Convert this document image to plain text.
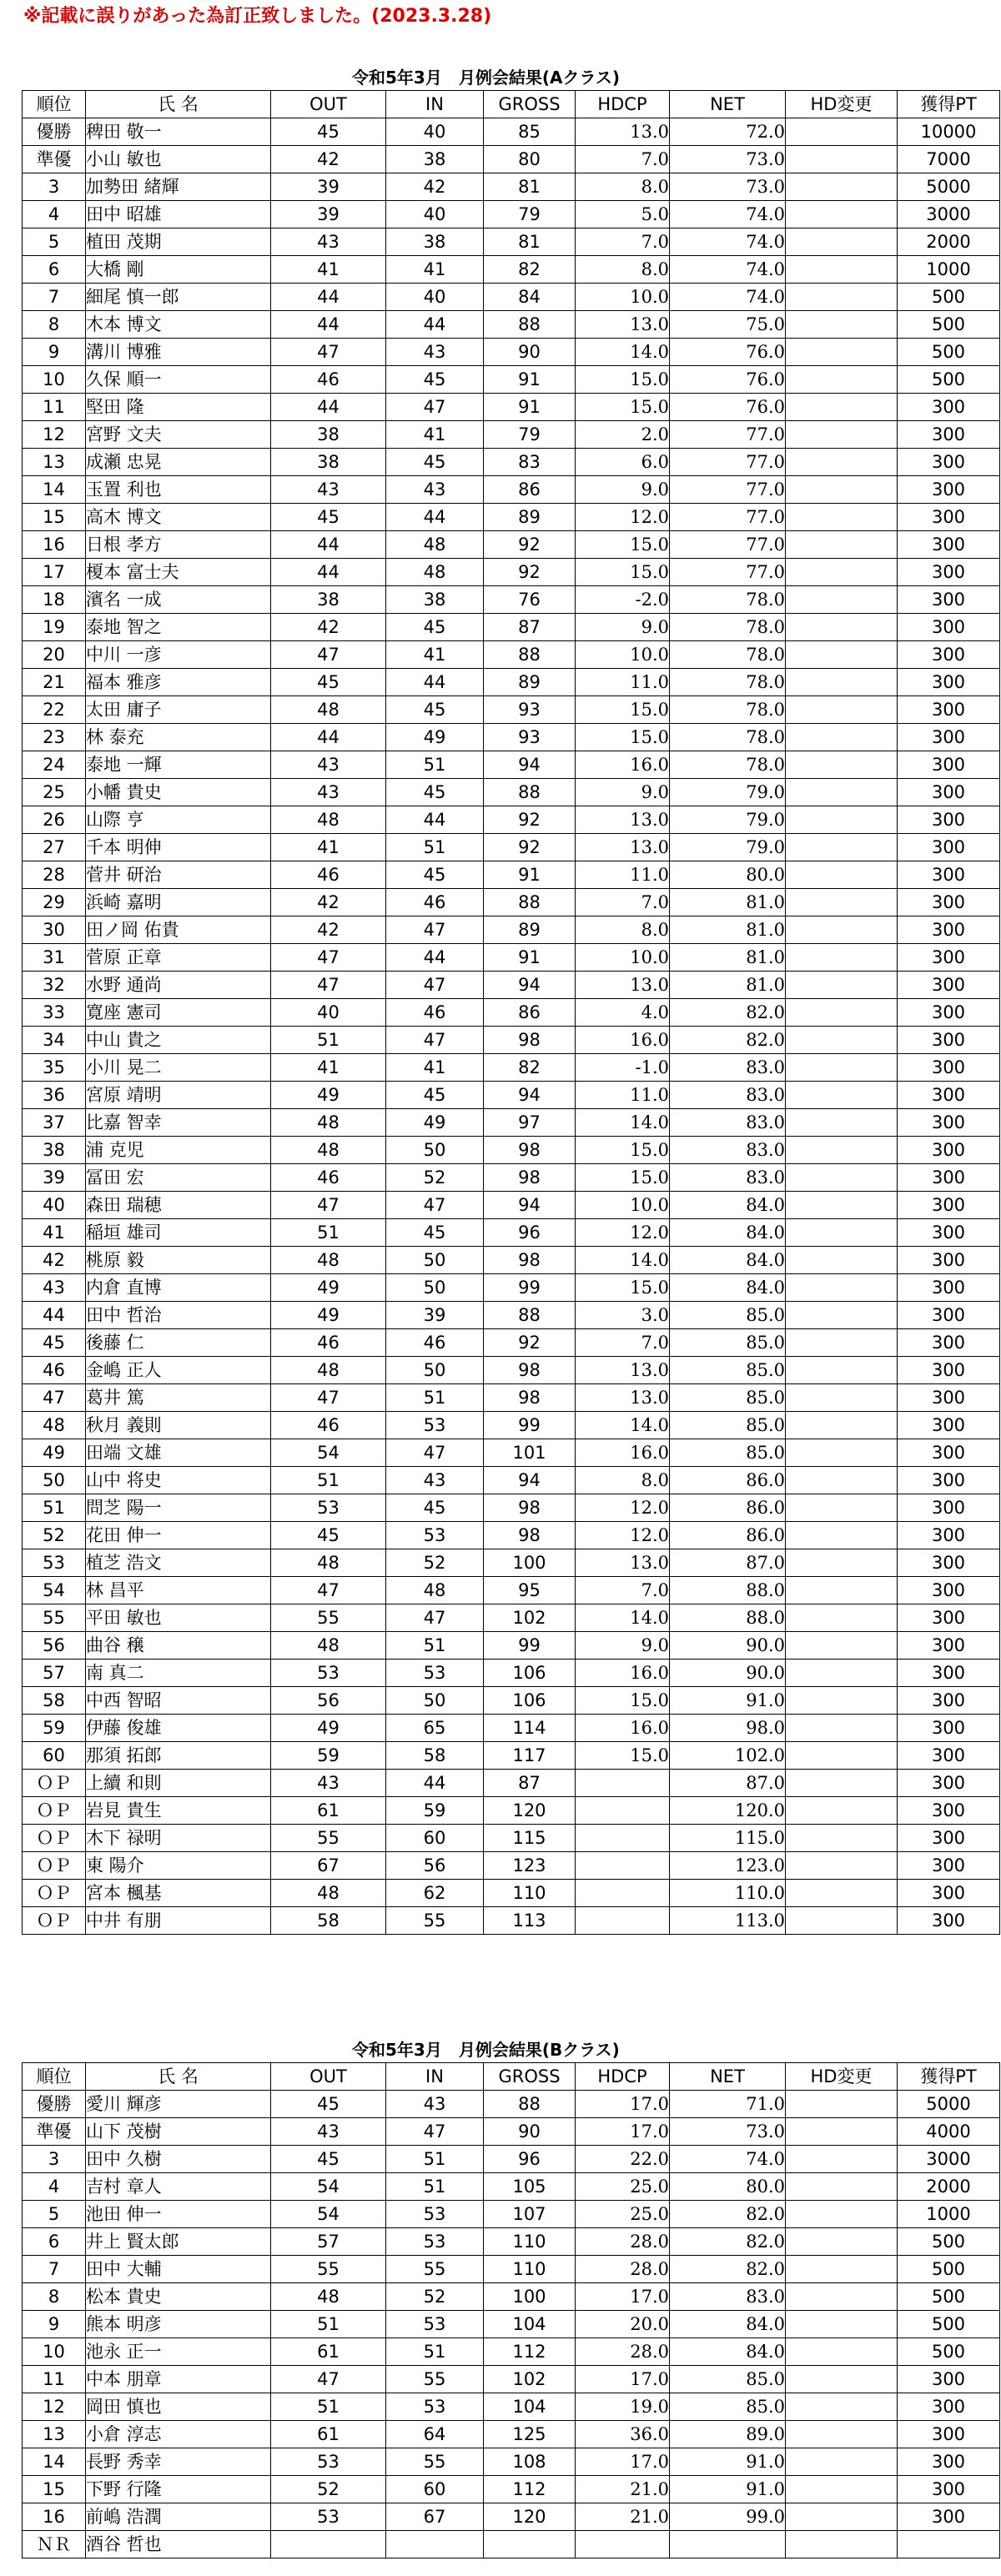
※記載に誤りがあった為訂正致しました。(2023.3.28)
令和5年3月　月例会結果(Aクラス)
順位	氏 名	OUT	IN	GROSS	HDCP	NET	HD変更	獲得PT
優勝	稗田 敬一	45	40	85	13.0	72.0		10000
準優	小山 敏也	42	38	80	7.0	73.0		7000
3	加勢田 緒輝	39	42	81	8.0	73.0		5000
4	田中 昭雄	39	40	79	5.0	74.0		3000
5	植田 茂期	43	38	81	7.0	74.0		2000
6	大橋 剛	41	41	82	8.0	74.0		1000
7	細尾 慎一郎	44	40	84	10.0	74.0		500
8	木本 博文	44	44	88	13.0	75.0		500
9	溝川 博雅	47	43	90	14.0	76.0		500
10	久保 順一	46	45	91	15.0	76.0		500
11	堅田 隆	44	47	91	15.0	76.0		300
12	宮野 文夫	38	41	79	2.0	77.0		300
13	成瀬 忠晃	38	45	83	6.0	77.0		300
14	玉置 利也	43	43	86	9.0	77.0		300
15	高木 博文	45	44	89	12.0	77.0		300
16	日根 孝方	44	48	92	15.0	77.0		300
17	榎本 富士夫	44	48	92	15.0	77.0		300
18	濱名 一成	38	38	76	-2.0	78.0		300
19	泰地 智之	42	45	87	9.0	78.0		300
20	中川 一彦	47	41	88	10.0	78.0		300
21	福本 雅彦	45	44	89	11.0	78.0		300
22	太田 庸子	48	45	93	15.0	78.0		300
23	林 泰充	44	49	93	15.0	78.0		300
24	泰地 一輝	43	51	94	16.0	78.0		300
25	小幡 貴史	43	45	88	9.0	79.0		300
26	山際 亨	48	44	92	13.0	79.0		300
27	千本 明伸	41	51	92	13.0	79.0		300
28	菅井 研治	46	45	91	11.0	80.0		300
29	浜崎 嘉明	42	46	88	7.0	81.0		300
30	田ノ岡 佑貴	42	47	89	8.0	81.0		300
31	菅原 正章	47	44	91	10.0	81.0		300
32	水野 通尚	47	47	94	13.0	81.0		300
33	寛座 憲司	40	46	86	4.0	82.0		300
34	中山 貴之	51	47	98	16.0	82.0		300
35	小川 晃二	41	41	82	-1.0	83.0		300
36	宮原 靖明	49	45	94	11.0	83.0		300
37	比嘉 智幸	48	49	97	14.0	83.0		300
38	浦 克児	48	50	98	15.0	83.0		300
39	冨田 宏	46	52	98	15.0	83.0		300
40	森田 瑞穂	47	47	94	10.0	84.0		300
41	稲垣 雄司	51	45	96	12.0	84.0		300
42	桃原 毅	48	50	98	14.0	84.0		300
43	内倉 直博	49	50	99	15.0	84.0		300
44	田中 哲治	49	39	88	3.0	85.0		300
45	後藤 仁	46	46	92	7.0	85.0		300
46	金嶋 正人	48	50	98	13.0	85.0		300
47	葛井 篤	47	51	98	13.0	85.0		300
48	秋月 義則	46	53	99	14.0	85.0		300
49	田端 文雄	54	47	101	16.0	85.0		300
50	山中 将史	51	43	94	8.0	86.0		300
51	問芝 陽一	53	45	98	12.0	86.0		300
52	花田 伸一	45	53	98	12.0	86.0		300
53	植芝 浩文	48	52	100	13.0	87.0		300
54	林 昌平	47	48	95	7.0	88.0		300
55	平田 敏也	55	47	102	14.0	88.0		300
56	曲谷 穣	48	51	99	9.0	90.0		300
57	南 真二	53	53	106	16.0	90.0		300
58	中西 智昭	56	50	106	15.0	91.0		300
59	伊藤 俊雄	49	65	114	16.0	98.0		300
60	那須 拓郎	59	58	117	15.0	102.0		300
ＯＰ	上續 和則	43	44	87		87.0		300
ＯＰ	岩見 貴生	61	59	120		120.0		300
ＯＰ	木下 禄明	55	60	115		115.0		300
ＯＰ	東 陽介	67	56	123		123.0		300
ＯＰ	宮本 楓基	48	62	110		110.0		300
ＯＰ	中井 有朋	58	55	113		113.0		300
令和5年3月　月例会結果(Bクラス)
順位	氏 名	OUT	IN	GROSS	HDCP	NET	HD変更	獲得PT
優勝	愛川 輝彦	45	43	88	17.0	71.0		5000
準優	山下 茂樹	43	47	90	17.0	73.0		4000
3	田中 久樹	45	51	96	22.0	74.0		3000
4	吉村 章人	54	51	105	25.0	80.0		2000
5	池田 伸一	54	53	107	25.0	82.0		1000
6	井上 賢太郎	57	53	110	28.0	82.0		500
7	田中 大輔	55	55	110	28.0	82.0		500
8	松本 貴史	48	52	100	17.0	83.0		500
9	熊本 明彦	51	53	104	20.0	84.0		500
10	池永 正一	61	51	112	28.0	84.0		500
11	中本 朋章	47	55	102	17.0	85.0		300
12	岡田 慎也	51	53	104	19.0	85.0		300
13	小倉 淳志	61	64	125	36.0	89.0		300
14	長野 秀幸	53	55	108	17.0	91.0		300
15	下野 行隆	52	60	112	21.0	91.0		300
16	前嶋 浩潤	53	67	120	21.0	99.0		300
ＮＲ	酒谷 哲也							
